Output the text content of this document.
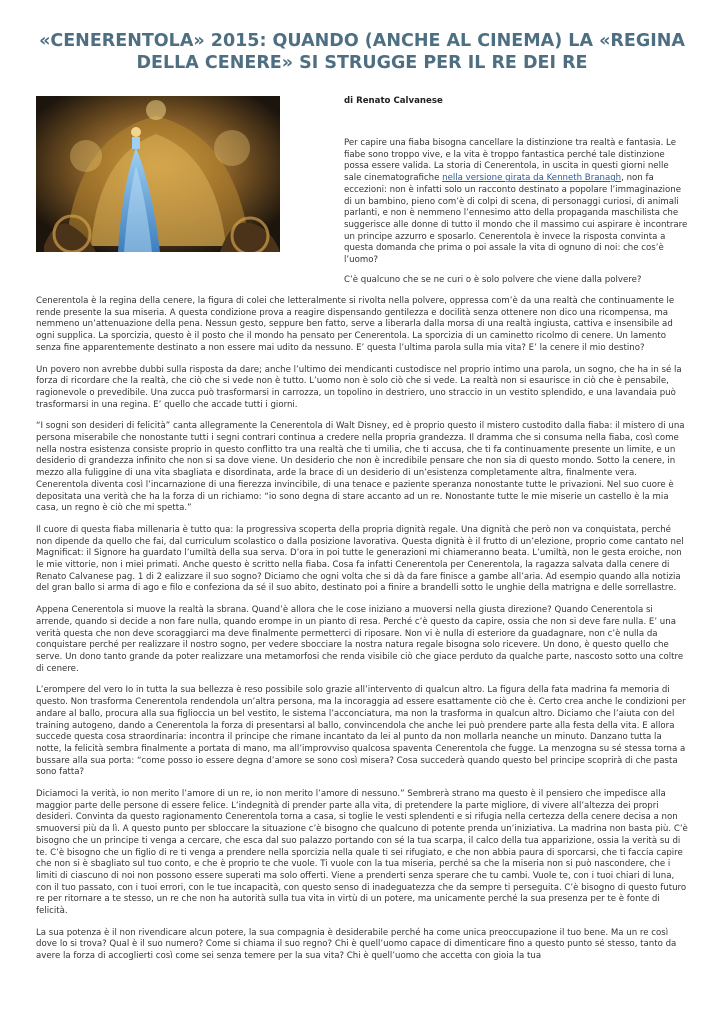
«CENERENTOLA» 2015: QUANDO (ANCHE AL CINEMA) LA «REGINA DELLA CENERE» SI STRUGGE PER IL RE DEI RE

di Renato Calvanese

Per capire una fiaba bisogna cancellare la distinzione tra realtà e fantasia. Le fiabe sono troppo vive, e la vita è troppo fantastica perché tale distinzione possa essere valida. La storia di Cenerentola, in uscita in questi giorni nelle sale cinematografiche nella versione girata da Kenneth Branagh, non fa eccezioni: non è infatti solo un racconto destinato a popolare l’immaginazione di un bambino, pieno com’è di colpi di scena, di personaggi curiosi, di animali parlanti, e non è nemmeno l’ennesimo atto della propaganda maschilista che suggerisce alle donne di tutto il mondo che il massimo cui aspirare è incontrare un principe azzurro e sposarlo. Cenerentola è invece la risposta convinta a questa domanda che prima o poi assale la vita di ognuno di noi: che cos’è l’uomo?

C’è qualcuno che se ne curi o è solo polvere che viene dalla polvere?

Cenerentola è la regina della cenere, la figura di colei che letteralmente si rivolta nella polvere, oppressa com’è da una realtà che continuamente le rende presente la sua miseria. A questa condizione prova a reagire dispensando gentilezza e docilità senza ottenere non dico una ricompensa, ma nemmeno un’attenuazione della pena. Nessun gesto, seppure ben fatto, serve a liberarla dalla morsa di una realtà ingiusta, cattiva e insensibile ad ogni supplica. La sporcizia, questo è il posto che il mondo ha pensato per Cenerentola. La sporcizia di un caminetto ricolmo di cenere. Un lamento senza fine apparentemente destinato a non essere mai udito da nessuno. E’ questa l’ultima parola sulla mia vita? E’ la cenere il mio destino?

Un povero non avrebbe dubbi sulla risposta da dare; anche l’ultimo dei mendicanti custodisce nel proprio intimo una parola, un sogno, che ha in sé la forza di ricordare che la realtà, che ciò che si vede non è tutto. L’uomo non è solo ciò che si vede. La realtà non si esaurisce in ciò che è pensabile, ragionevole o prevedibile. Una zucca può trasformarsi in carrozza, un topolino in destriero, uno straccio in un vestito splendido, e una lavandaia può trasformarsi in una regina. E’ quello che accade tutti i giorni.

“I sogni son desideri di felicità” canta allegramente la Cenerentola di Walt Disney, ed è proprio questo il mistero custodito dalla fiaba: il mistero di una persona miserabile che nonostante tutti i segni contrari continua a credere nella propria grandezza. Il dramma che si consuma nella fiaba, così come nella nostra esistenza consiste proprio in questo conflitto tra una realtà che ti umilia, che ti accusa, che ti fa continuamente presente un limite, e un desiderio di grandezza infinito che non si sa dove viene. Un desiderio che non è incredibile pensare che non sia di questo mondo. Sotto la cenere, in mezzo alla fuliggine di una vita sbagliata e disordinata, arde la brace di un desiderio di un’esistenza completamente altra, finalmente vera. Cenerentola diventa così l’incarnazione di una fierezza invincibile, di una tenace e paziente speranza nonostante tutte le privazioni. Nel suo cuore è depositata una verità che ha la forza di un richiamo: “io sono degna di stare accanto ad un re. Nonostante tutte le mie miserie un castello è la mia casa, un regno è ciò che mi spetta.”

Il cuore di questa fiaba millenaria è tutto qua: la progressiva scoperta della propria dignità regale. Una dignità che però non va conquistata, perché non dipende da quello che fai, dal curriculum scolastico o dalla posizione lavorativa. Questa dignità è il frutto di un’elezione, proprio come cantato nel Magnificat: il Signore ha guardato l’umiltà della sua serva. D’ora in poi tutte le generazioni mi chiameranno beata. L’umiltà, non le gesta eroiche, non le mie vittorie, non i miei primati. Anche questo è scritto nella fiaba. Cosa fa infatti Cenerentola per Cenerentola, la ragazza salvata dalla cenere di Renato Calvanese pag. 1 di 2 ealizzare il suo sogno? Diciamo che ogni volta che si dà da fare finisce a gambe all’aria. Ad esempio quando alla notizia del gran ballo si arma di ago e filo e confeziona da sé il suo abito, destinato poi a finire a brandelli sotto le unghie della matrigna e delle sorrellastre.

Appena Cenerentola si muove la realtà la sbrana. Quand’è allora che le cose iniziano a muoversi nella giusta direzione? Quando Cenerentola si arrende, quando si decide a non fare nulla, quando erompe in un pianto di resa. Perché c’è questo da capire, ossia che non si deve fare nulla. E’ una verità questa che non deve scoraggiarci ma deve finalmente permetterci di riposare. Non vi è nulla di esteriore da guadagnare, non c’è nulla da conquistare perché per realizzare il nostro sogno, per vedere sbocciare la nostra natura regale bisogna solo ricevere. Un dono, è questo quello che serve. Un dono tanto grande da poter realizzare una metamorfosi che renda visibile ciò che giace perduto da qualche parte, nascosto sotto una coltre di cenere.

L’erompere del vero Io in tutta la sua bellezza è reso possibile solo grazie all’intervento di qualcun altro. La figura della fata madrina fa memoria di questo. Non trasforma Cenerentola rendendola un’altra persona, ma la incoraggia ad essere esattamente ciò che è. Certo crea anche le condizioni per andare al ballo, procura alla sua figlioccia un bel vestito, le sistema l’acconciatura, ma non la trasforma in qualcun altro. Diciamo che l’aiuta con del training autogeno, dando a Cenerentola la forza di presentarsi al ballo, convincendola che anche lei può prendere parte alla festa della vita. E allora succede questa cosa straordinaria: incontra il principe che rimane incantato da lei al punto da non mollarla neanche un minuto. Danzano tutta la notte, la felicità sembra finalmente a portata di mano, ma all’improvviso qualcosa spaventa Cenerentola che fugge. La menzogna su sé stessa torna a bussare alla sua porta: “come posso io essere degna d’amore se sono così misera? Cosa succederà quando questo bel principe scoprirà di che pasta sono fatta?

Diciamoci la verità, io non merito l’amore di un re, io non merito l’amore di nessuno.” Sembrerà strano ma questo è il pensiero che impedisce alla maggior parte delle persone di essere felice. L’indegnità di prender parte alla vita, di pretendere la parte migliore, di vivere all’altezza dei propri desideri. Convinta da questo ragionamento Cenerentola torna a casa, si toglie le vesti splendenti e si rifugia nella certezza della cenere decisa a non smuoversi più da lì. A questo punto per sbloccare la situazione c’è bisogno che qualcuno di potente prenda un’iniziativa. La madrina non basta più. C’è bisogno che un principe ti venga a cercare, che esca dal suo palazzo portando con sé la tua scarpa, il calco della tua apparizione, ossia la verità su di te. C’è bisogno che un figlio di re ti venga a prendere nella sporcizia nella quale ti sei rifugiato, e che non abbia paura di sporcarsi, che ti faccia capire che non si è sbagliato sul tuo conto, e che è proprio te che vuole. Ti vuole con la tua miseria, perché sa che la miseria non si può nascondere, che i limiti di ciascuno di noi non possono essere superati ma solo offerti. Viene a prenderti senza sperare che tu cambi. Vuole te, con i tuoi chiari di luna, con il tuo passato, con i tuoi errori, con le tue incapacità, con questo senso di inadeguatezza che da sempre ti perseguita. C’è bisogno di questo futuro re per ritornare a te stesso, un re che non ha autorità sulla tua vita in virtù di un potere, ma unicamente perché la sua presenza per te è fonte di felicità.

La sua potenza è il non rivendicare alcun potere, la sua compagnia è desiderabile perché ha come unica preoccupazione il tuo bene. Ma un re così dove lo si trova? Qual è il suo numero? Come si chiama il suo regno? Chi è quell’uomo capace di dimenticare fino a questo punto sé stesso, tanto da avere la forza di accoglierti così come sei senza temere per la sua vita? Chi è quell’uomo che accetta con gioia la tua
